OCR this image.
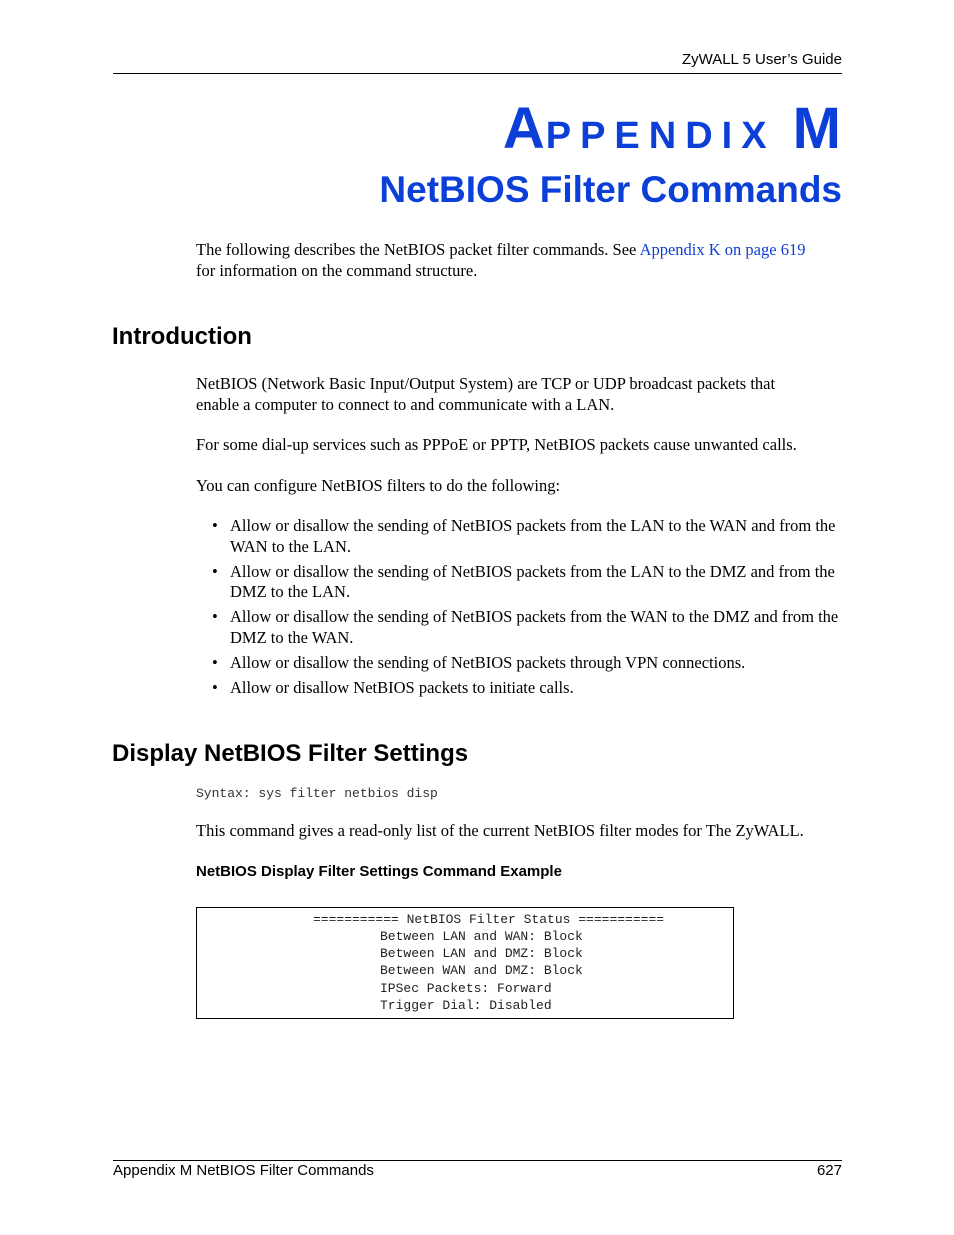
ZyWALL 5 User’s Guide
APPENDIX M
NetBIOS Filter Commands
The following describes the NetBIOS packet filter commands. See Appendix K on page 619
for information on the command structure.
Introduction
NetBIOS (Network Basic Input/Output System) are TCP or UDP broadcast packets that enable a computer to connect to and communicate with a LAN.
For some dial-up services such as PPPoE or PPTP, NetBIOS packets cause unwanted calls.
You can configure NetBIOS filters to do the following:
• Allow or disallow the sending of NetBIOS packets from the LAN to the WAN and from the WAN to the LAN.
• Allow or disallow the sending of NetBIOS packets from the LAN to the DMZ and from the DMZ to the LAN.
• Allow or disallow the sending of NetBIOS packets from the WAN to the DMZ and from the DMZ to the WAN.
• Allow or disallow the sending of NetBIOS packets through VPN connections.
• Allow or disallow NetBIOS packets to initiate calls.
Display NetBIOS Filter Settings
Syntax: sys filter netbios disp
This command gives a read-only list of the current NetBIOS filter modes for The ZyWALL.
NetBIOS Display Filter Settings Command Example
=========== NetBIOS Filter Status ===========
Between LAN and WAN: Block
Between LAN and DMZ: Block
Between WAN and DMZ: Block
IPSec Packets: Forward
Trigger Dial: Disabled
Appendix M NetBIOS Filter Commands	627
